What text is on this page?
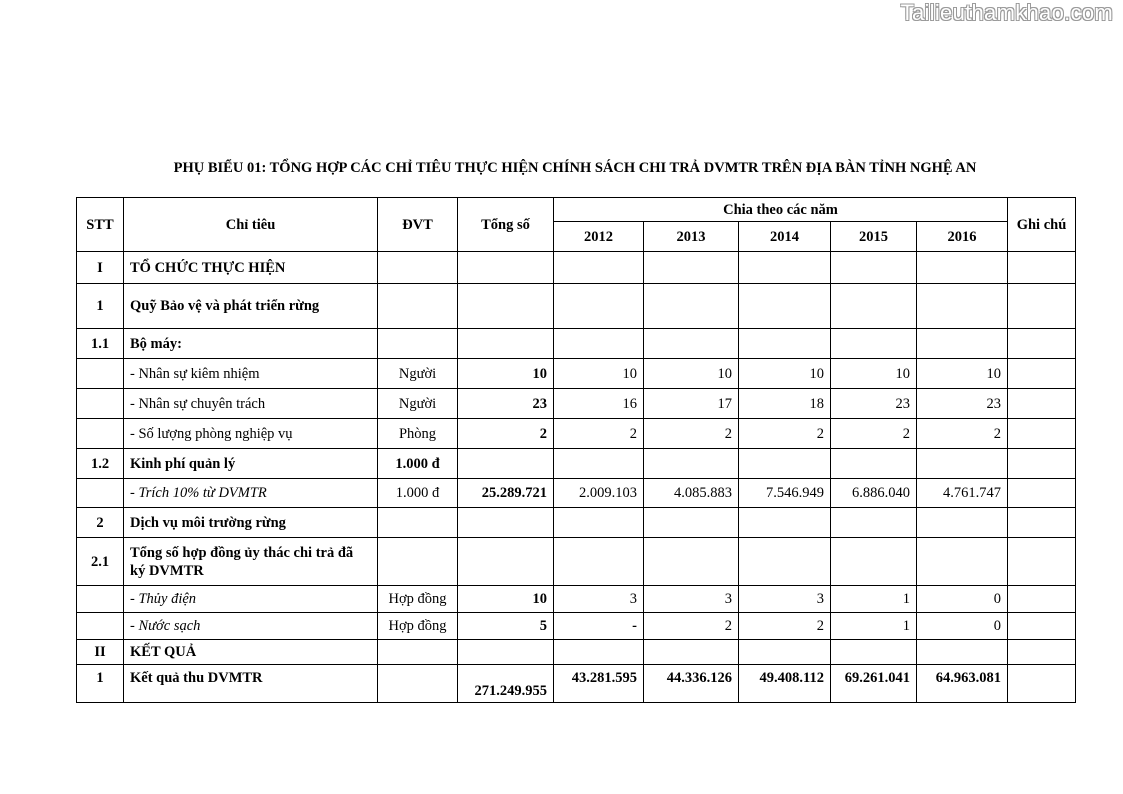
Tailieuthamkhao.com
PHỤ BIỂU 01: TỔNG HỢP CÁC CHỈ TIÊU THỰC HIỆN CHÍNH SÁCH CHI TRẢ DVMTR TRÊN ĐỊA BÀN TỈNH NGHỆ AN
STT	Chỉ tiêu	ĐVT	Tổng số	Chia theo các năm					Ghi chú
				2012	2013	2014	2015	2016	
I	TỔ CHỨC THỰC HIỆN								
1	Quỹ Bảo vệ và phát triển rừng								
1.1	Bộ máy:								
	- Nhân sự kiêm nhiệm	Người	10	10	10	10	10	10	
	- Nhân sự chuyên trách	Người	23	16	17	18	23	23	
	- Số lượng phòng nghiệp vụ	Phòng	2	2	2	2	2	2	
1.2	Kinh phí quản lý	1.000 đ							
	- Trích 10% từ DVMTR	1.000 đ	25.289.721	2.009.103	4.085.883	7.546.949	6.886.040	4.761.747	
2	Dịch vụ môi trường rừng								
2.1	Tổng số hợp đồng ủy thác chi trả đã ký DVMTR								
	- Thủy điện	Hợp đồng	10	3	3	3	1	0	
	- Nước sạch	Hợp đồng	5	-	2	2	1	0	
II	KẾT QUẢ								
1	Kết quả thu DVMTR		271.249.955	43.281.595	44.336.126	49.408.112	69.261.041	64.963.081	
